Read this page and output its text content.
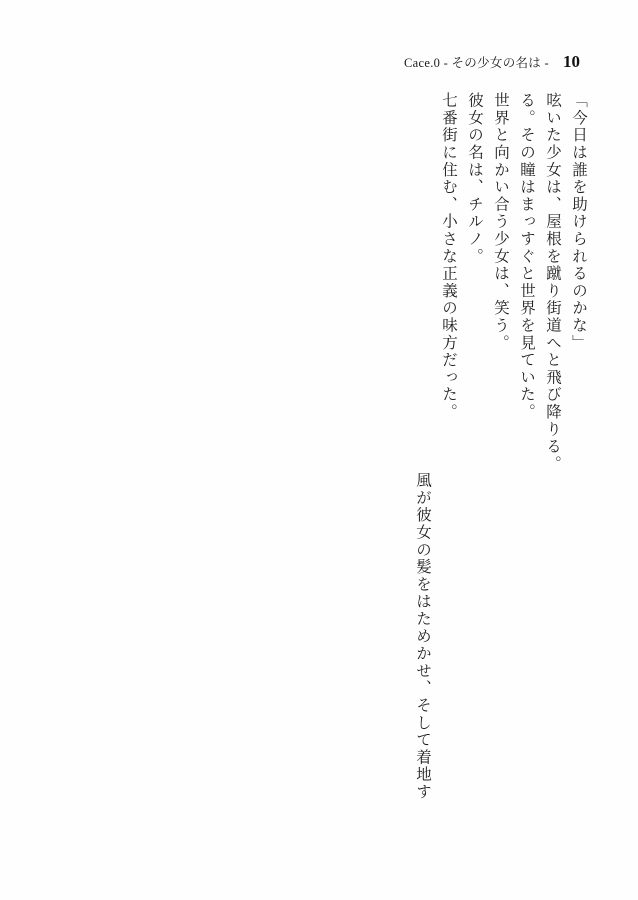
Cace.0 - その少女の名は - 10
「今日は誰を助けられるのかな」
呟いた少女は、屋根を蹴り街道へと飛び降りる。
る。その瞳はまっすぐと世界を見ていた。
世界と向かい合う少女は、笑う。
彼女の名は、チルノ。
七番街に住む、小さな正義の味方だった。
風が彼女の髪をはためかせ、そして着地す
